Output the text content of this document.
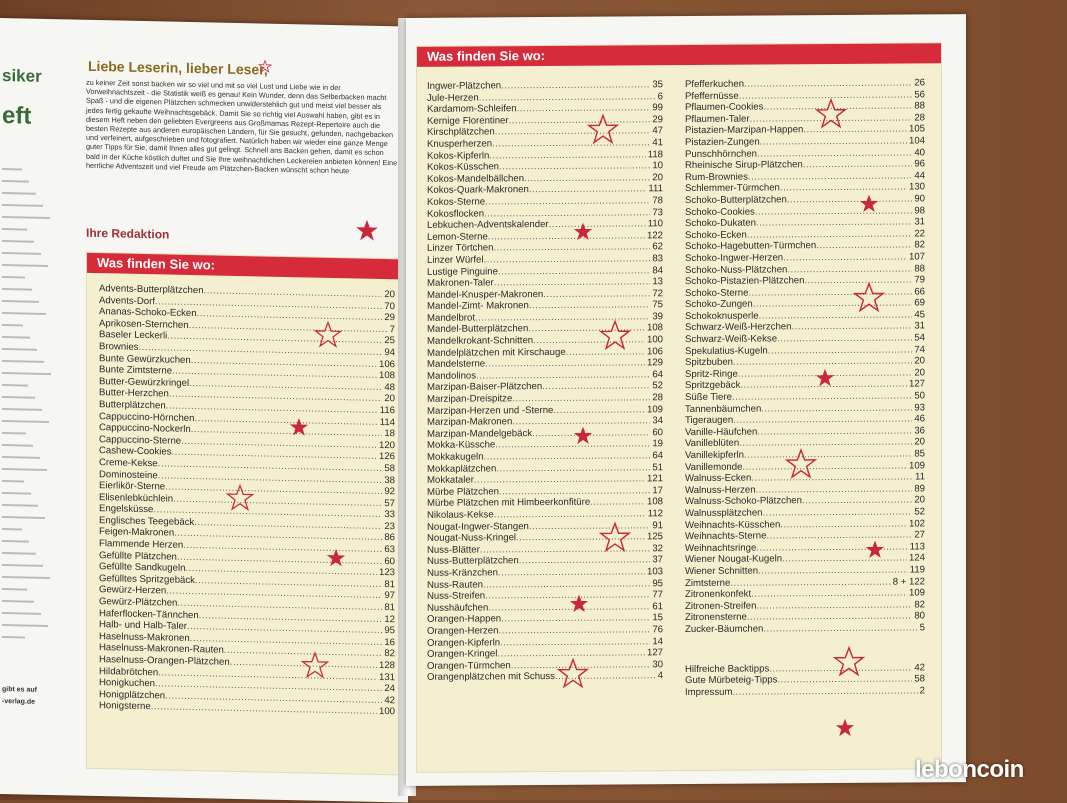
siker
eft
gibt es auf
-verlag.de
Liebe Leserin, lieber Leser,
zu keiner Zeit sonst backen wir so viel und mit so viel Lust und Liebe wie in der Vorweihnachtszeit - die Statistik weiß es genau! Kein Wunder, denn das Selberbacken macht Spaß - und die eigenen Plätzchen schmecken unwiderstehlich gut und meist viel besser als jedes fertig gekaufte Weihnachtsgebäck. Damit Sie so richtig viel Auswahl haben, gibt es in diesem Heft neben den geliebten Evergreens aus Großmamas Rezept-Repertoire auch die besten Rezepte aus anderen europäischen Ländern, für Sie gesucht, gefunden, nachgebacken und verfeinert, aufgeschrieben und fotografiert. Natürlich haben wir wieder eine ganze Menge guter Tipps für Sie, damit Ihnen alles gut gelingt. Schnell ans Backen gehen, damit es schon bald in der Küche köstlich duftet und Sie Ihre weihnachtlichen Leckereien anbieten können! Eine herrliche Adventszeit und viel Freude am Plätzchen-Backen wünscht schon heute
Ihre Redaktion
Was finden Sie wo:
Advents-Butterplätzchen .....	20
Advents-Dorf .....	70
Ananas-Schoko-Ecken .....	29
Aprikosen-Sternchen .....	7
Baseler Leckerli .....	25
Brownies .....	94
Bunte Gewürzkuchen .....	106
Bunte Zimtsterne .....	108
Butter-Gewürzkringel .....	48
Butter-Herzchen .....	20
Butterplätzchen .....	116
Cappuccino-Hörnchen .....	114
Cappuccino-Nockerln .....	18
Cappuccino-Sterne .....	120
Cashew-Cookies .....	126
Creme-Kekse .....	58
Dominosteine .....	38
Eierlikör-Sterne .....	92
Elisenlebküchlein .....	57
Engelsküsse .....	33
Englisches Teegebäck .....	23
Feigen-Makronen .....	86
Flammende Herzen .....	63
Gefüllte Plätzchen .....	60
Gefüllte Sandkugeln .....	123
Gefülltes Spritzgebäck .....	81
Gewürz-Herzen .....	97
Gewürz-Plätzchen .....	81
Haferflocken-Tännchen .....	12
Halb- und Halb-Taler .....	95
Haselnuss-Makronen .....	16
Haselnuss-Makronen-Rauten .....	82
Haselnuss-Orangen-Plätzchen .....	128
Hildabrötchen .....	131
Honigkuchen .....	24
Honigplätzchen .....	42
Honigsterne .....	100
Was finden Sie wo:
Ingwer-Plätzchen .....	35
Jule-Herzen .....	6
Kardamom-Schleifen .....	99
Kernige Florentiner .....	29
Kirschplätzchen .....	47
Knusperherzen .....	41
Kokos-Kipferln .....	118
Kokos-Küsschen .....	10
Kokos-Mandelbällchen .....	20
Kokos-Quark-Makronen .....	111
Kokos-Sterne .....	78
Kokosflocken .....	73
Lebkuchen-Adventskalender .....	110
Lemon-Sterne .....	122
Linzer Törtchen .....	62
Linzer Würfel .....	83
Lustige Pinguine .....	84
Makronen-Taler .....	13
Mandel-Knusper-Makronen .....	72
Mandel-Zimt- Makronen .....	75
Mandelbrot .....	39
Mandel-Butterplätzchen .....	108
Mandelkrokant-Schnitten .....	100
Mandelplätzchen mit Kirschauge .....	106
Mandelsterne .....	129
Mandolinos .....	64
Marzipan-Baiser-Plätzchen .....	52
Marzipan-Dreispitze .....	28
Marzipan-Herzen und -Sterne .....	109
Marzipan-Makronen .....	34
Marzipan-Mandelgebäck .....	60
Mokka-Küssche .....	19
Mokkakugeln .....	64
Mokkaplätzchen .....	51
Mokkataler .....	121
Mürbe Plätzchen .....	17
Mürbe Plätzchen mit Himbeerkonfitüre .....	108
Nikolaus-Kekse .....	112
Nougat-Ingwer-Stangen .....	91
Nougat-Nuss-Kringel .....	125
Nuss-Blätter .....	32
Nuss-Butterplätzchen .....	37
Nuss-Kränzchen .....	103
Nuss-Rauten .....	95
Nuss-Streifen .....	77
Nusshäufchen .....	61
Orangen-Happen .....	15
Orangen-Herzen .....	76
Orangen-Kipferln .....	14
Orangen-Kringel .....	127
Orangen-Türmchen .....	30
Orangenplätzchen mit Schuss .....	4
Pfefferkuchen .....	26
Pfeffernüsse .....	56
Pflaumen-Cookies .....	88
Pflaumen-Taler .....	28
Pistazien-Marzipan-Happen .....	105
Pistazien-Zungen .....	104
Punschhörnchen .....	40
Rheinische Sirup-Plätzchen .....	96
Rum-Brownies .....	44
Schlemmer-Türmchen .....	130
Schoko-Butterplätzchen .....	90
Schoko-Cookies .....	98
Schoko-Dukaten .....	31
Schoko-Ecken .....	22
Schoko-Hagebutten-Türmchen .....	82
Schoko-Ingwer-Herzen .....	107
Schoko-Nuss-Plätzchen .....	88
Schoko-Pistazien-Plätzchen .....	79
Schoko-Sterne .....	66
Schoko-Zungen .....	69
Schokoknusperle .....	45
Schwarz-Weiß-Herzchen .....	31
Schwarz-Weiß-Kekse .....	54
Spekulatius-Kugeln .....	74
Spitzbuben .....	20
Spritz-Ringe .....	20
Spritzgebäck .....	127
Süße Tiere .....	50
Tannenbäumchen .....	93
Tigeraugen .....	46
Vanille-Häufchen .....	36
Vanilleblüten .....	20
Vanillekipferln .....	85
Vanillemonde .....	109
Walnuss-Ecken .....	11
Walnuss-Herzen .....	89
Walnuss-Schoko-Plätzchen .....	20
Walnussplätzchen .....	52
Weihnachts-Küsschen .....	102
Weihnachts-Sterne .....	27
Weihnachtsringe .....	113
Wiener Nougat-Kugeln .....	124
Wiener Schnitten .....	119
Zimtsterne .....	8 + 122
Zitronenkonfekt .....	109
Zitronen-Streifen .....	82
Zitronensterne .....	80
Zucker-Bäumchen .....	5
Hilfreiche Backtipps .....	42
Gute Mürbeteig-Tipps .....	58
Impressum .....	2
leboncoin
